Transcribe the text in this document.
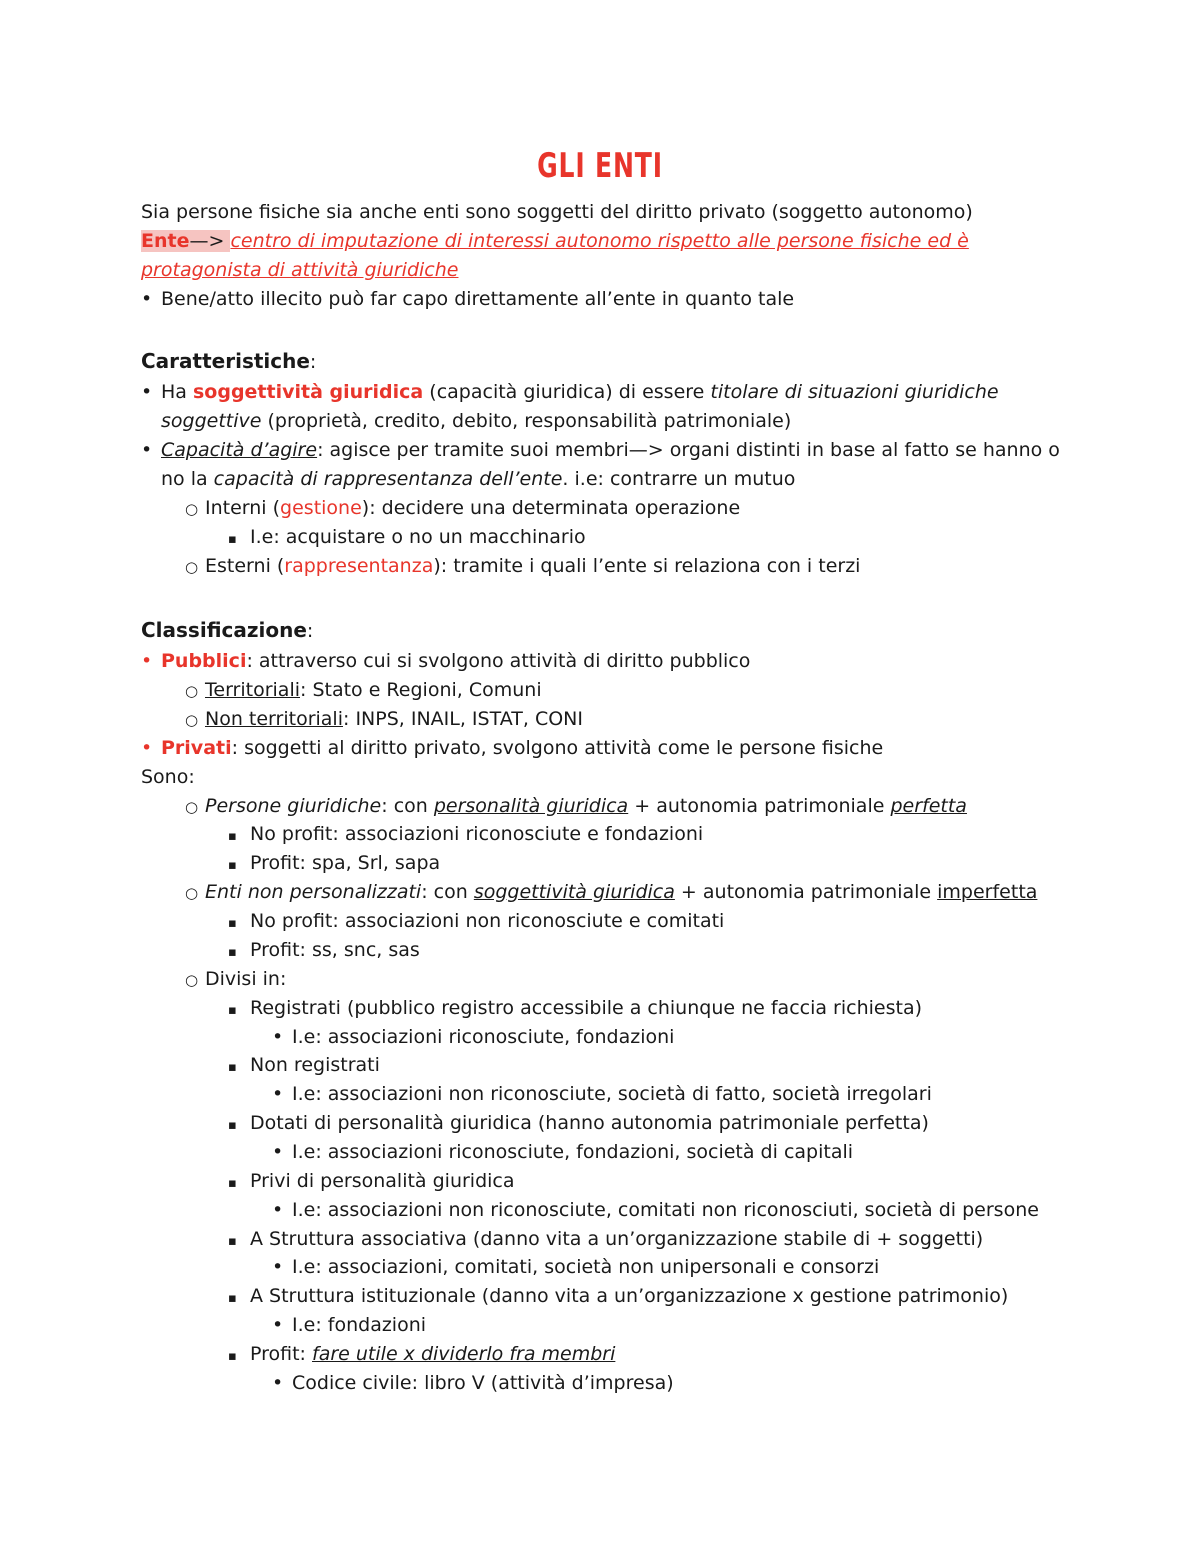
GLI ENTI
Sia persone fisiche sia anche enti sono soggetti del diritto privato (soggetto autonomo)
Ente—> centro di imputazione di interessi autonomo rispetto alle persone fisiche ed è
protagonista di attività giuridiche
• Bene/atto illecito può far capo direttamente all’ente in quanto tale
Caratteristiche:
• Ha soggettività giuridica (capacità giuridica) di essere titolare di situazioni giuridiche
soggettive (proprietà, credito, debito, responsabilità patrimoniale)
• Capacità d’agire: agisce per tramite suoi membri—> organi distinti in base al fatto se hanno o
no la capacità di rappresentanza dell’ente. i.e: contrarre un mutuo
○ Interni (gestione): decidere una determinata operazione
▪ I.e: acquistare o no un macchinario
○ Esterni (rappresentanza): tramite i quali l’ente si relaziona con i terzi
Classificazione:
• Pubblici: attraverso cui si svolgono attività di diritto pubblico
○ Territoriali: Stato e Regioni, Comuni
○ Non territoriali: INPS, INAIL, ISTAT, CONI
• Privati: soggetti al diritto privato, svolgono attività come le persone fisiche
Sono:
○ Persone giuridiche: con personalità giuridica + autonomia patrimoniale perfetta
▪ No profit: associazioni riconosciute e fondazioni
▪ Profit: spa, Srl, sapa
○ Enti non personalizzati: con soggettività giuridica + autonomia patrimoniale imperfetta
▪ No profit: associazioni non riconosciute e comitati
▪ Profit: ss, snc, sas
○ Divisi in:
▪ Registrati (pubblico registro accessibile a chiunque ne faccia richiesta)
• I.e: associazioni riconosciute, fondazioni
▪ Non registrati
• I.e: associazioni non riconosciute, società di fatto, società irregolari
▪ Dotati di personalità giuridica (hanno autonomia patrimoniale perfetta)
• I.e: associazioni riconosciute, fondazioni, società di capitali
▪ Privi di personalità giuridica
• I.e: associazioni non riconosciute, comitati non riconosciuti, società di persone
▪ A Struttura associativa (danno vita a un’organizzazione stabile di + soggetti)
• I.e: associazioni, comitati, società non unipersonali e consorzi
▪ A Struttura istituzionale (danno vita a un’organizzazione x gestione patrimonio)
• I.e: fondazioni
▪ Profit: fare utile x dividerlo fra membri
• Codice civile: libro V (attività d’impresa)
